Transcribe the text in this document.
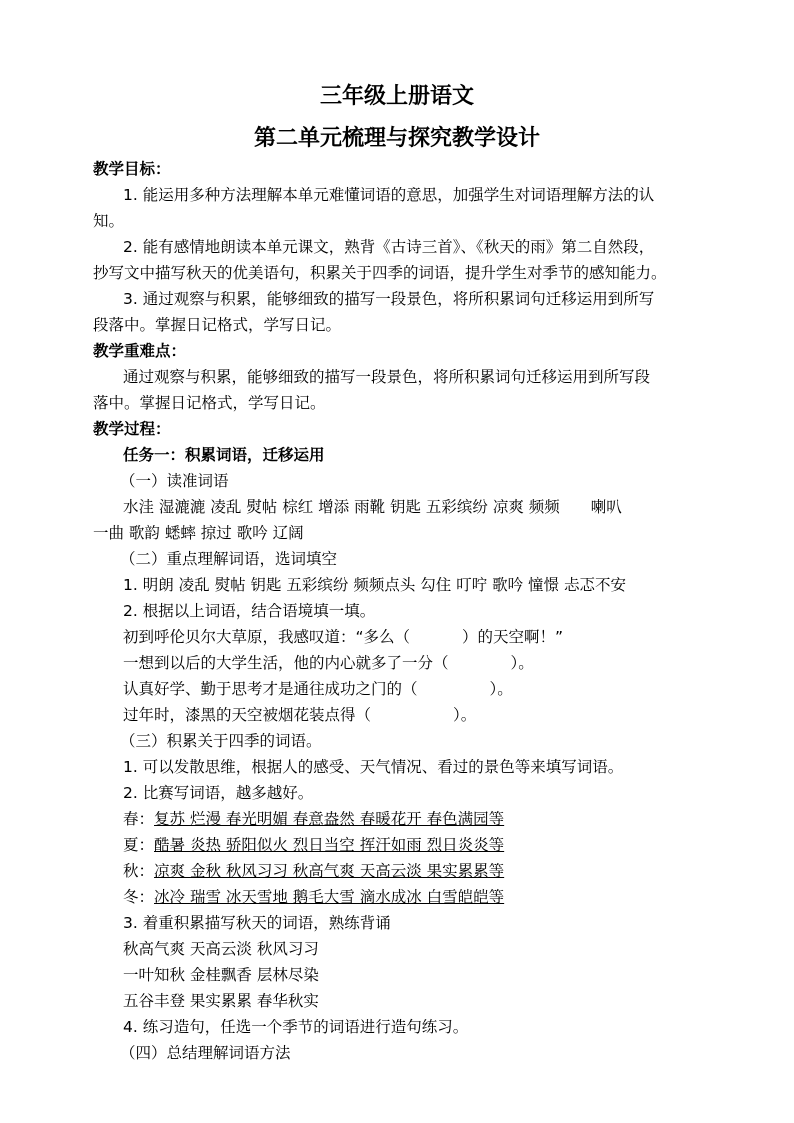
三年级上册语文
第二单元梳理与探究教学设计
教学目标：
1. 能运用多种方法理解本单元难懂词语的意思，加强学生对词语理解方法的认
知。
2. 能有感情地朗读本单元课文，熟背《古诗三首》、《秋天的雨》第二自然段，
抄写文中描写秋天的优美语句，积累关于四季的词语，提升学生对季节的感知能力。
3. 通过观察与积累，能够细致的描写一段景色，将所积累词句迁移运用到所写
段落中。掌握日记格式，学写日记。
教学重难点：
通过观察与积累，能够细致的描写一段景色，将所积累词句迁移运用到所写段
落中。掌握日记格式，学写日记。
教学过程：
任务一：积累词语，迁移运用
（一）读准词语
水洼 湿漉漉 凌乱 熨帖 棕红 增添 雨靴 钥匙 五彩缤纷 凉爽 频频　　喇叭
一曲 歌韵 蟋蟀 掠过 歌吟 辽阔
（二）重点理解词语，选词填空
1. 明朗 凌乱 熨帖 钥匙 五彩缤纷 频频点头 勾住 叮咛 歌吟 憧憬 忐忑不安
2. 根据以上词语，结合语境填一填。
初到呼伦贝尔大草原，我感叹道：“多么（	）的天空啊！”
一想到以后的大学生活，他的内心就多了一分（	）。
认真好学、勤于思考才是通往成功之门的（	）。
过年时，漆黑的天空被烟花装点得（	）。
（三）积累关于四季的词语。
1. 可以发散思维，根据人的感受、天气情况、看过的景色等来填写词语。
2. 比赛写词语，越多越好。
春：复苏 烂漫 春光明媚 春意盎然 春暖花开 春色满园等
夏：酷暑 炎热 骄阳似火 烈日当空 挥汗如雨 烈日炎炎等
秋：凉爽 金秋 秋风习习 秋高气爽 天高云淡 果实累累等
冬：冰冷 瑞雪 冰天雪地 鹅毛大雪 滴水成冰 白雪皑皑等
3. 着重积累描写秋天的词语，熟练背诵
秋高气爽 天高云淡 秋风习习
一叶知秋 金桂飘香 层林尽染
五谷丰登 果实累累 春华秋实
4. 练习造句，任选一个季节的词语进行造句练习。
（四）总结理解词语方法
